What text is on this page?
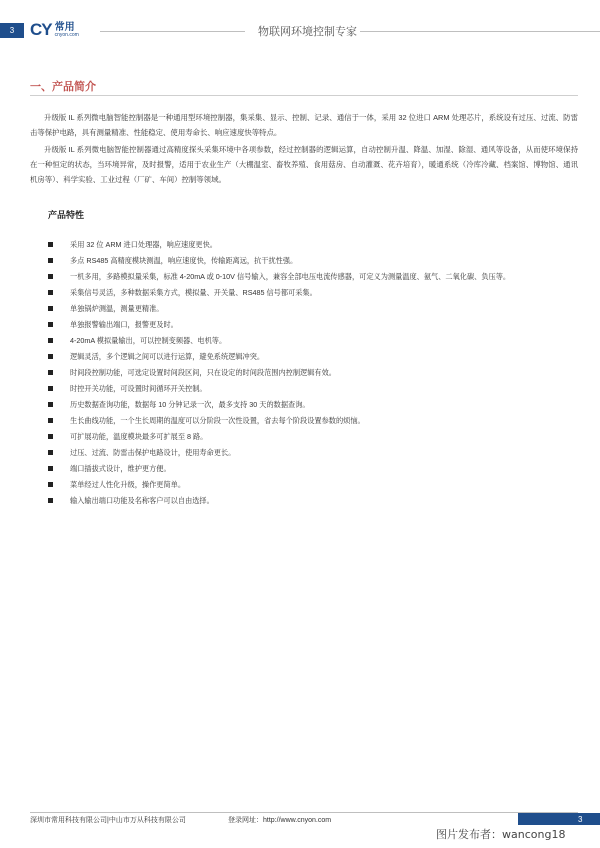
3 CY 常用
cnyon.com	物联网环境控制专家
一、产品简介

升级版 IL 系列微电脑智能控制器是一种通用型环境控制器，集采集、显示、控制、记录、通信于一体，采用 32 位进口 ARM 处理芯片，系统设有过压、过流、防雷击等保护电路，具有测量精准、性能稳定、使用寿命长、响应速度快等特点。

升级版 IL 系列微电脑智能控制器通过高精度探头采集环境中各项参数，经过控制器的逻辑运算，自动控制升温、降温、加湿、除湿、通风等设备，从而使环境保持在一种恒定的状态，当环境异常，及时报警，适用于农业生产（大棚温室、畜牧养殖、食用菇房、自动灌溉、花卉培育），暖通系统（冷库冷藏、档案馆、博物馆、通讯机房等）、科学实验、工业过程（厂矿、车间）控制等领域。

产品特性
采用 32 位 ARM 进口处理器，响应速度更快。
多点 RS485 高精度模块测温，响应速度快，传输距离远，抗干扰性强。
一机多用，多路模拟量采集，标准 4-20mA 或 0-10V 信号输入，兼容全部电压电流传感器，可定义为测量温度、氨气、二氧化碳、负压等。
采集信号灵活，多种数据采集方式，模拟量、开关量、RS485 信号都可采集。
单独锅炉测温，测量更精准。
单独报警输出端口，报警更及时。
4-20mA 模拟量输出，可以控制变频器、电机等。
逻辑灵活，多个逻辑之间可以进行运算，避免系统逻辑冲突。
时间段控制功能，可选定设置时间段区间，只在设定的时间段范围内控制逻辑有效。
时控开关功能，可设置时间循环开关控制。
历史数据查询功能，数据每 10 分钟记录一次，最多支持 30 天的数据查询。
生长曲线功能，一个生长周期的温度可以分阶段一次性设置，省去每个阶段设置参数的烦恼。
可扩展功能，温度模块最多可扩展至 8 路。
过压、过流、防雷击保护电路设计，使用寿命更长。
端口插拔式设计，维护更方便。
菜单经过人性化升级，操作更简单。
输入输出端口功能及名称客户可以自由选择。
深圳市常用科技有限公司|中山市万从科技有限公司	登录网址：http://www.cnyon.com	3
图片发布者：wancong18
